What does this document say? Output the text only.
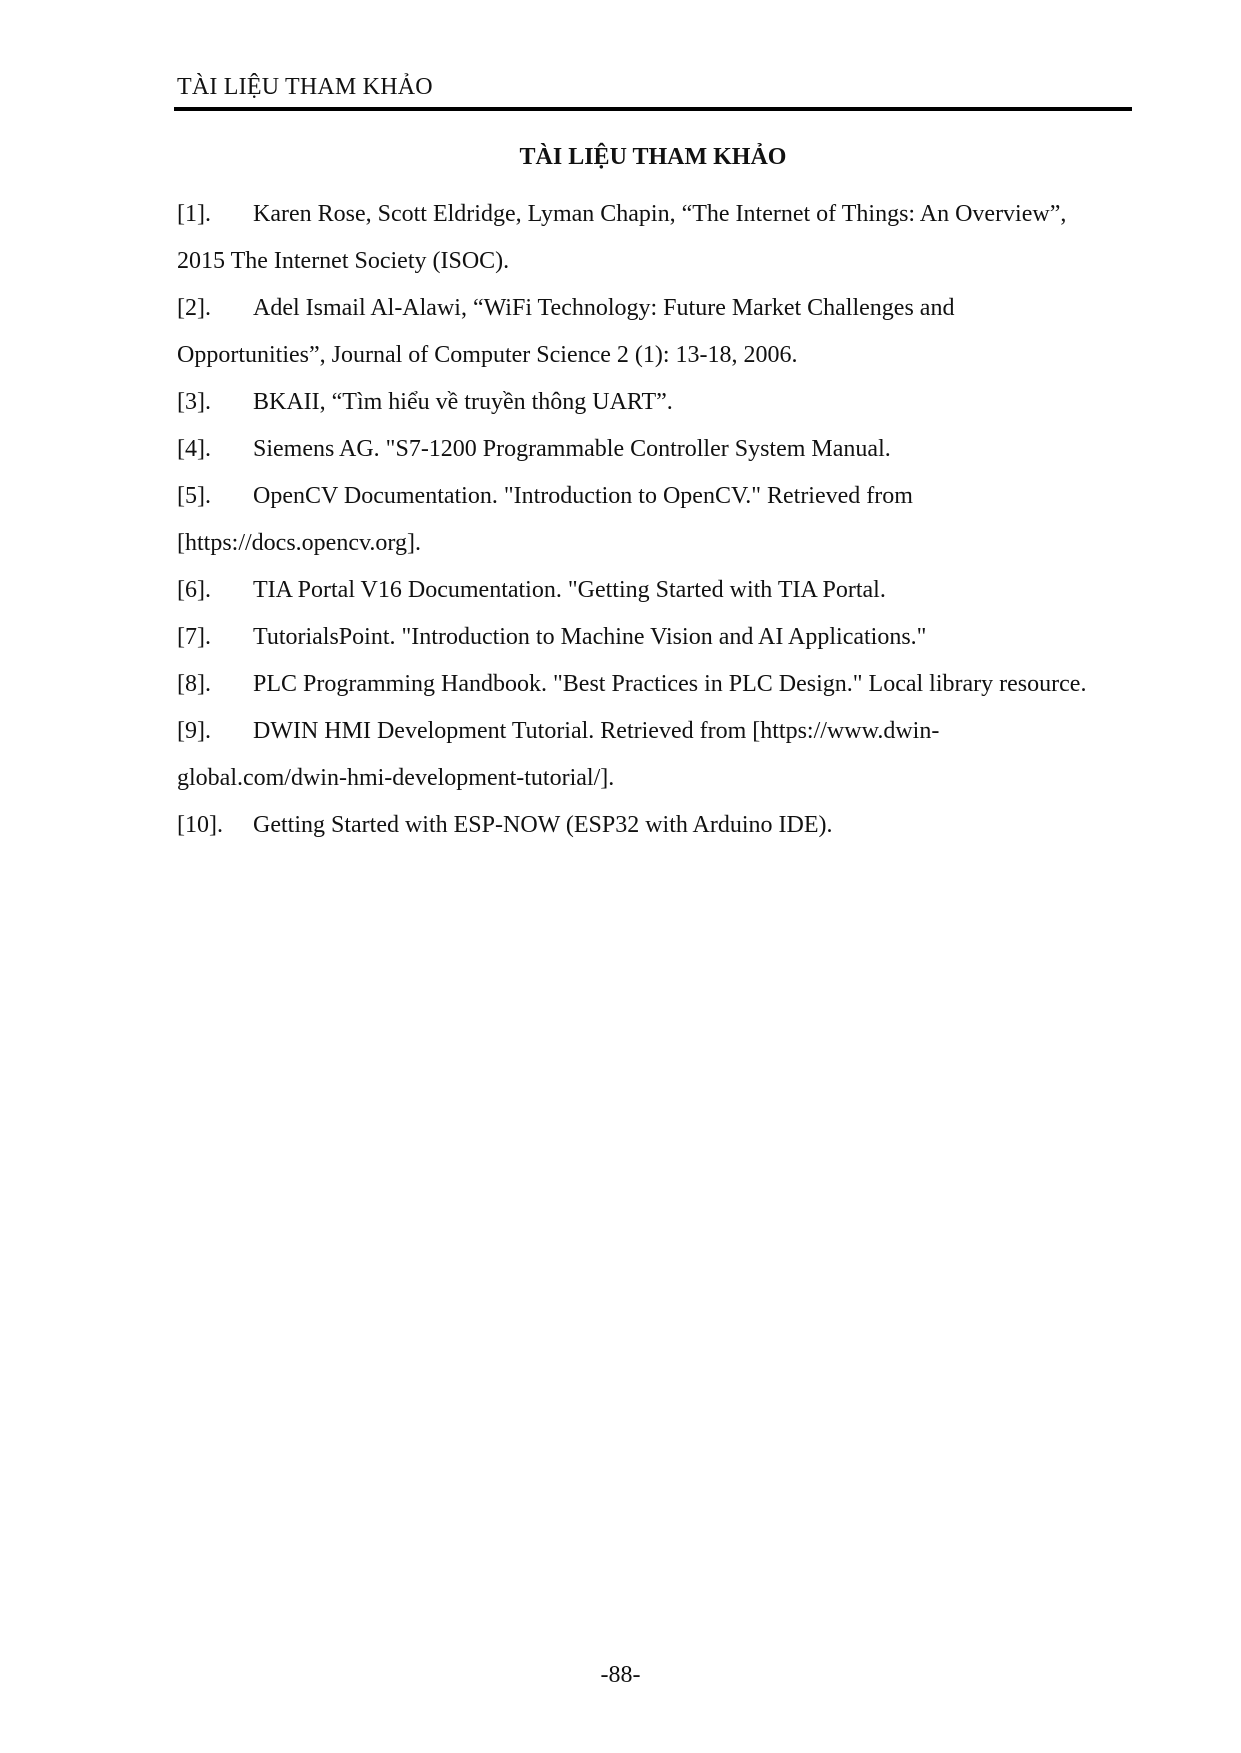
TÀI LIỆU THAM KHẢO
TÀI LIỆU THAM KHẢO
[1]. Karen Rose, Scott Eldridge, Lyman Chapin, “The Internet of Things: An Overview”, 2015 The Internet Society (ISOC).
[2]. Adel Ismail Al-Alawi, “WiFi Technology: Future Market Challenges and Opportunities”, Journal of Computer Science 2 (1): 13-18, 2006.
[3]. BKAII, “Tìm hiểu về truyền thông UART”.
[4]. Siemens AG. "S7-1200 Programmable Controller System Manual.
[5]. OpenCV Documentation. "Introduction to OpenCV." Retrieved from [https://docs.opencv.org].
[6]. TIA Portal V16 Documentation. "Getting Started with TIA Portal.
[7]. TutorialsPoint. "Introduction to Machine Vision and AI Applications."
[8]. PLC Programming Handbook. "Best Practices in PLC Design." Local library resource.
[9]. DWIN HMI Development Tutorial. Retrieved from [https://www.dwin-global.com/dwin-hmi-development-tutorial/].
[10]. Getting Started with ESP-NOW (ESP32 with Arduino IDE).
-88-
